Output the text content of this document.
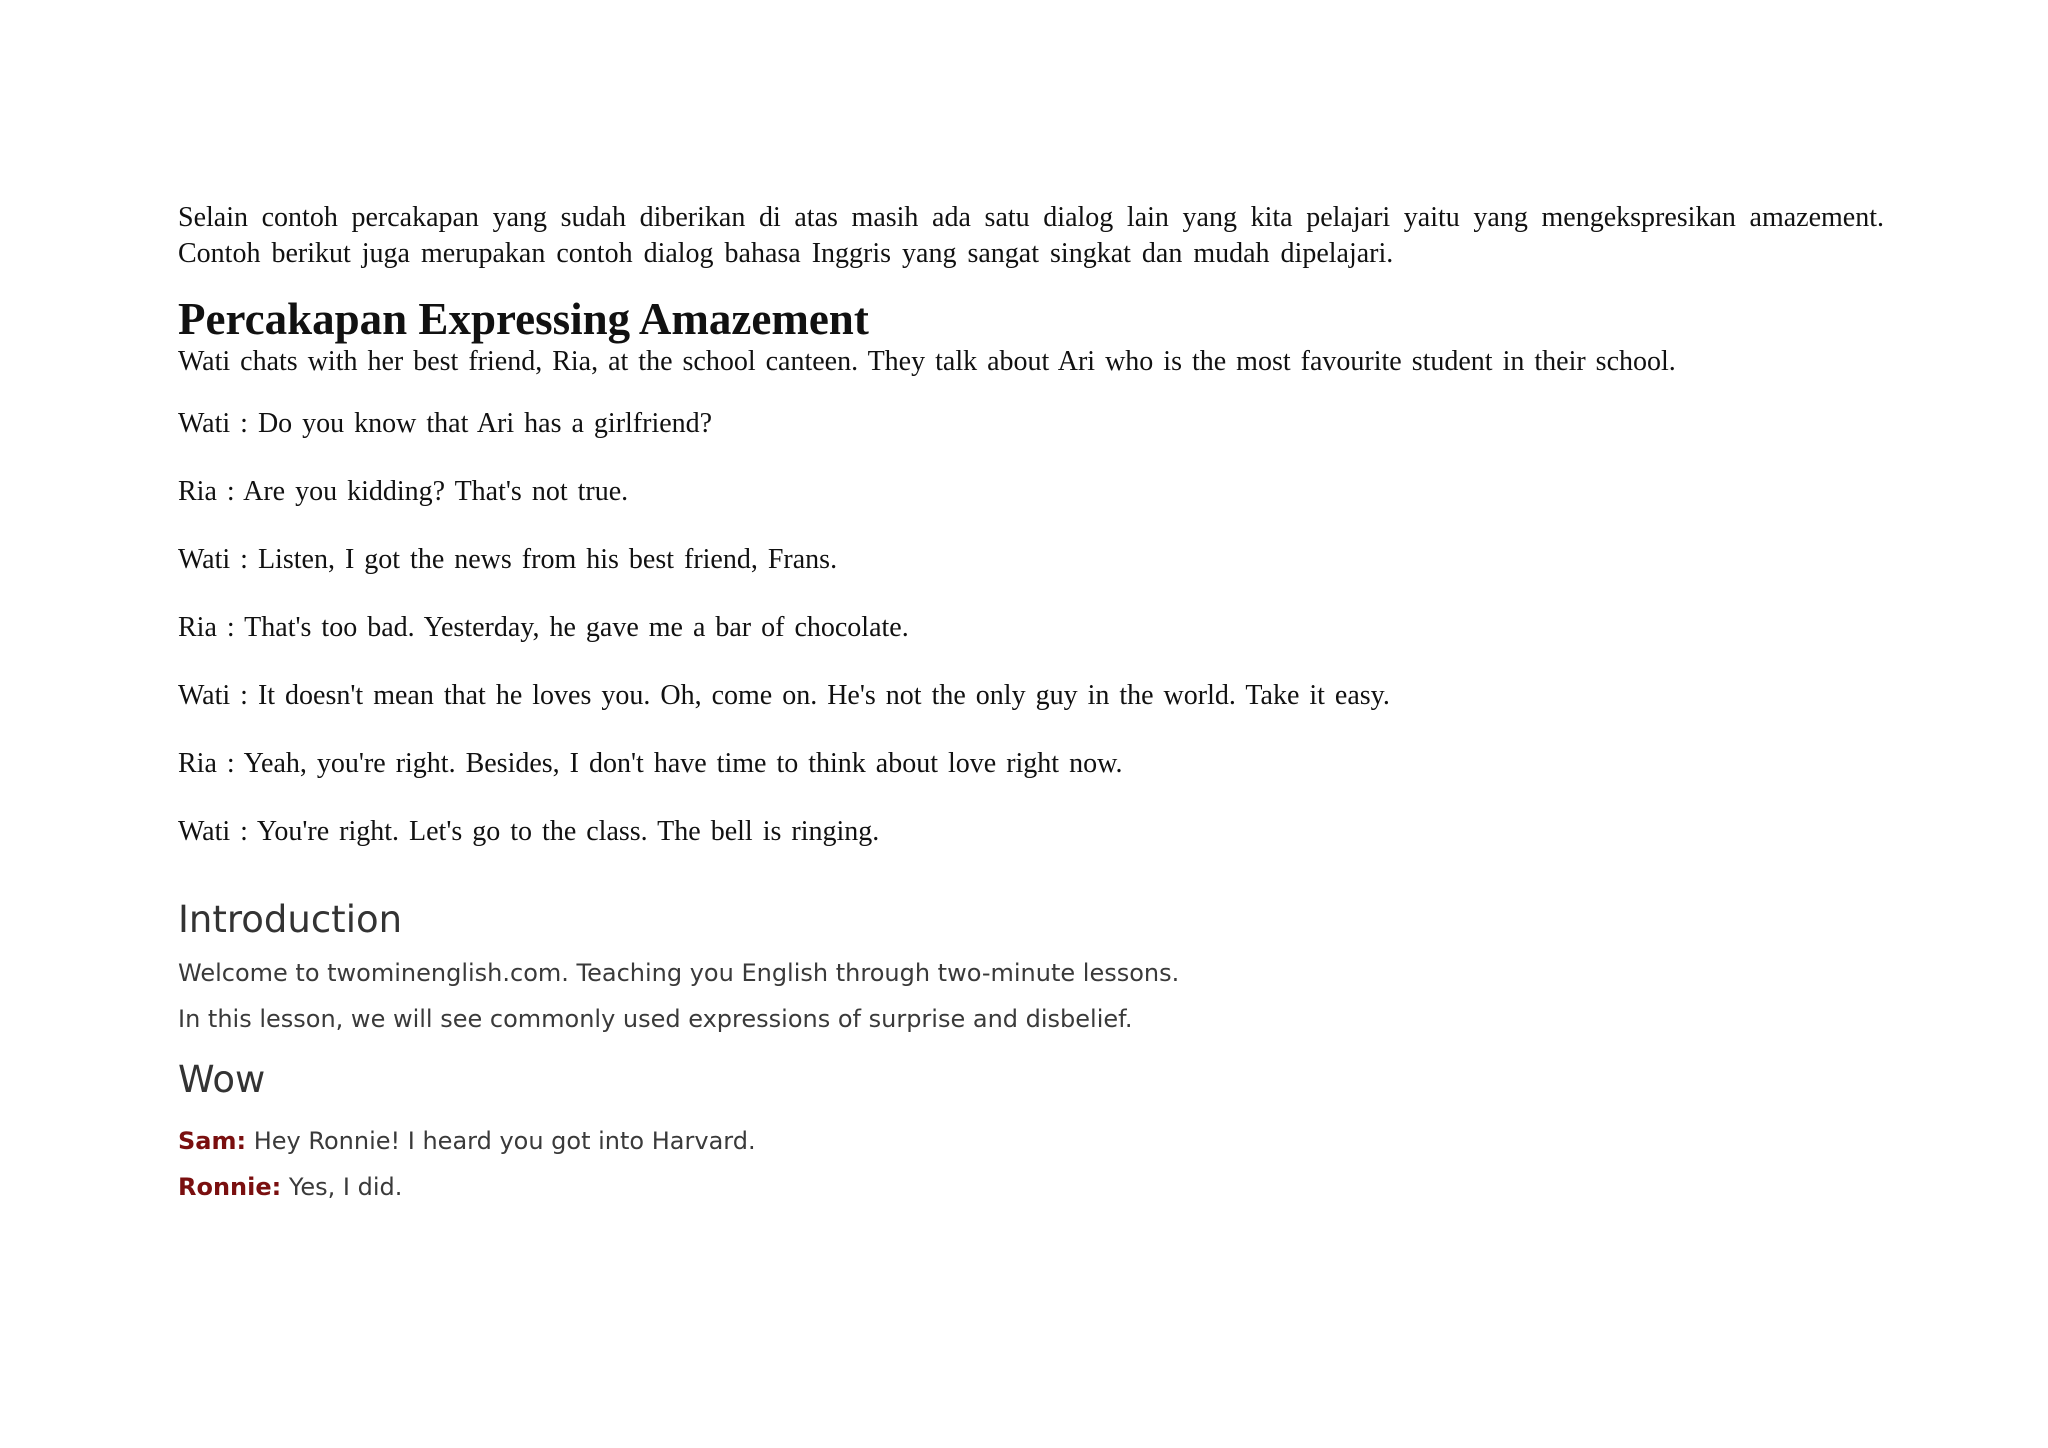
Selain contoh percakapan yang sudah diberikan di atas masih ada satu dialog lain yang kita pelajari yaitu yang mengekspresikan amazement. Contoh berikut juga merupakan contoh dialog bahasa Inggris yang sangat singkat dan mudah dipelajari.

Percakapan Expressing Amazement

Wati chats with her best friend, Ria, at the school canteen. They talk about Ari who is the most favourite student in their school.

Wati : Do you know that Ari has a girlfriend?
Ria : Are you kidding? That's not true.
Wati : Listen, I got the news from his best friend, Frans.
Ria : That's too bad. Yesterday, he gave me a bar of chocolate.
Wati : It doesn't mean that he loves you. Oh, come on. He's not the only guy in the world. Take it easy.
Ria : Yeah, you're right. Besides, I don't have time to think about love right now.
Wati : You're right. Let's go to the class. The bell is ringing.
Introduction

Welcome to twominenglish.com. Teaching you English through two-minute lessons.

In this lesson, we will see commonly used expressions of surprise and disbelief.

Wow

Sam: Hey Ronnie! I heard you got into Harvard.

Ronnie: Yes, I did.
